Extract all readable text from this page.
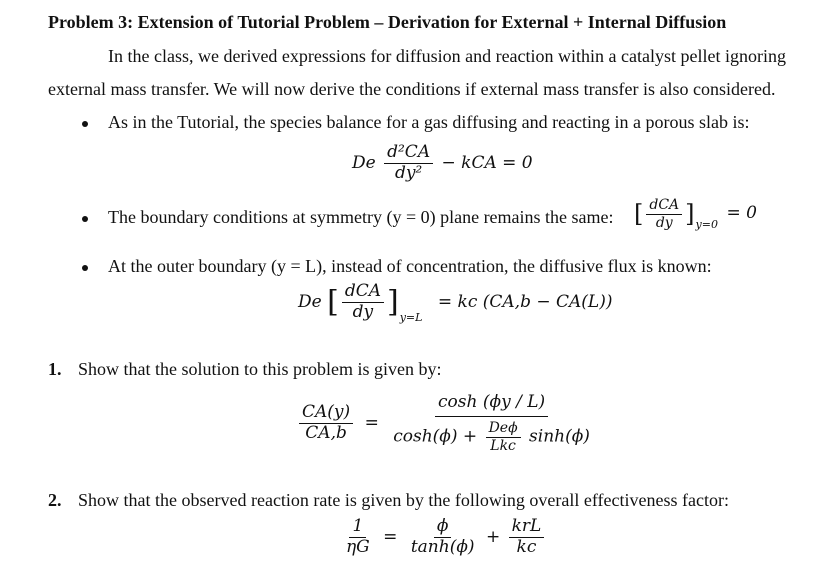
Problem 3: Extension of Tutorial Problem – Derivation for External + Internal Diffusion
In the class, we derived expressions for diffusion and reaction within a catalyst pellet ignoring
external mass transfer. We will now derive the conditions if external mass transfer is also considered.
As in the Tutorial, the species balance for a gas diffusing and reacting in a porous slab is:
De $\frac{\text{d²CA}}{\text{dy²}}$ − kCA = 0
The boundary conditions at symmetry (y = 0) plane remains the same: [ dCA
dy ]$_{y=0} = 0$
At the outer boundary (y = L), instead of concentration, the diffusive flux is known:
De [ dCA
dy ]$_{y=L}$ = kc (CA,b − CA(L))
1. Show that the solution to this problem is given by:
$\frac{CA(y)}{CA,b}$ =
cosh (ϕy / L)
cosh(ϕ) + Deϕ
Lkc sinh(ϕ)
2. Show that the observed reaction rate is given by the following overall effectiveness factor:
$\frac{1}{\eta G} = \frac{\phi}{\tanh(\phi)}$ +
krL
kc
